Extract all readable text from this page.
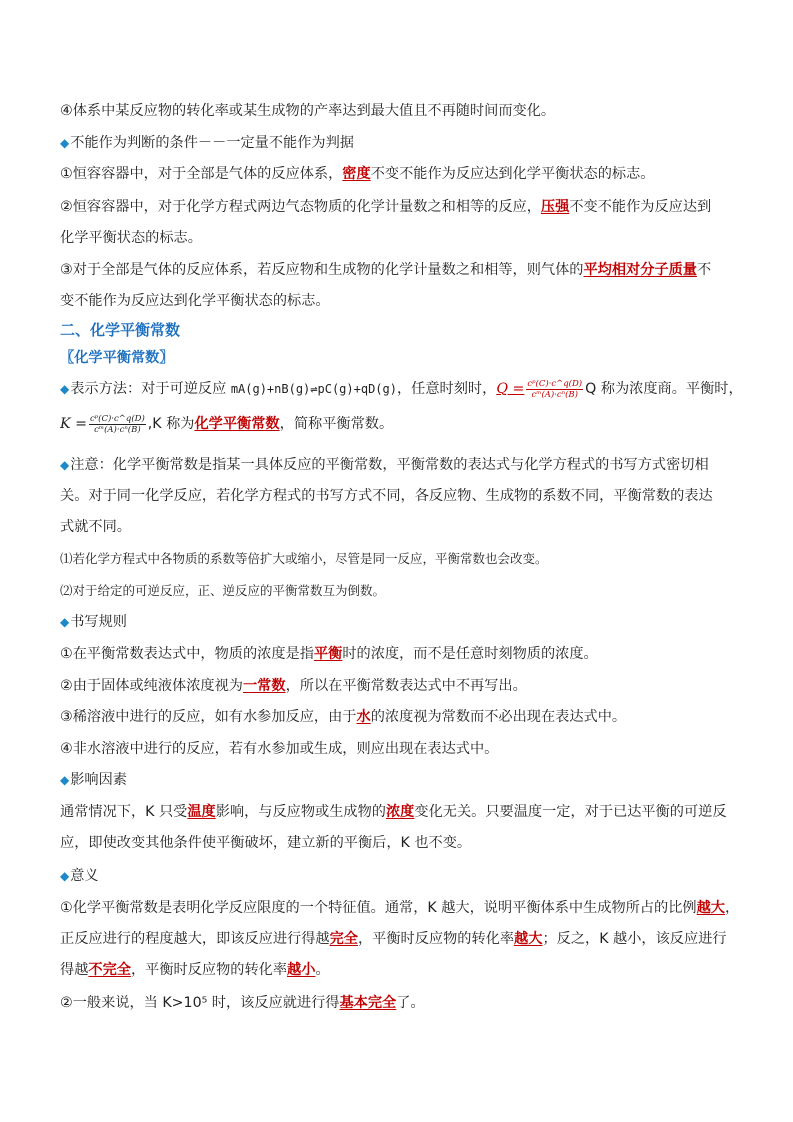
④体系中某反应物的转化率或某生成物的产率达到最大值且不再随时间而变化。
◆不能作为判断的条件－－一定量不能作为判据
①恒容容器中，对于全部是气体的反应体系，密度不变不能作为反应达到化学平衡状态的标志。
②恒容容器中，对于化学方程式两边气态物质的化学计量数之和相等的反应，压强不变不能作为反应达到
化学平衡状态的标志。
③对于全部是气体的反应体系，若反应物和生成物的化学计量数之和相等，则气体的平均相对分子质量不
变不能作为反应达到化学平衡状态的标志。
二、化学平衡常数
〖化学平衡常数〗
◆表示方法：对于可逆反应 mA(g)+nB(g)⇌pC(g)+qD(g)，任意时刻时，$Q = \frac{\text{cᵖ(C)·c\textasciicircum{}q(D)}}{\text{cᵐ(A)·cⁿ(B)}}$ Q 称为浓度商。平衡时，
$K = \frac{\text{cᵖ(C)·c\textasciicircum{}q(D)}}{\text{cᵐ(A)·cⁿ(B)}} ,K$ 称为化学平衡常数，简称平衡常数。
◆注意：化学平衡常数是指某一具体反应的平衡常数，平衡常数的表达式与化学方程式的书写方式密切相
关。对于同一化学反应，若化学方程式的书写方式不同，各反应物、生成物的系数不同，平衡常数的表达
式就不同。
⑴若化学方程式中各物质的系数等倍扩大或缩小，尽管是同一反应，平衡常数也会改变。
⑵对于给定的可逆反应，正、逆反应的平衡常数互为倒数。
◆书写规则
①在平衡常数表达式中，物质的浓度是指平衡时的浓度，而不是任意时刻物质的浓度。
②由于固体或纯液体浓度视为一常数，所以在平衡常数表达式中不再写出。
③稀溶液中进行的反应，如有水参加反应，由于水的浓度视为常数而不必出现在表达式中。
④非水溶液中进行的反应，若有水参加或生成，则应出现在表达式中。
◆影响因素
通常情况下，K 只受温度影响，与反应物或生成物的浓度变化无关。只要温度一定，对于已达平衡的可逆反
应，即使改变其他条件使平衡破坏，建立新的平衡后，K 也不变。
◆意义
①化学平衡常数是表明化学反应限度的一个特征值。通常，K 越大，说明平衡体系中生成物所占的比例越大，
正反应进行的程度越大，即该反应进行得越完全，平衡时反应物的转化率越大；反之，K 越小，该反应进行
得越不完全，平衡时反应物的转化率越小。
②一般来说，当 K>10⁵ 时，该反应就进行得基本完全了。
